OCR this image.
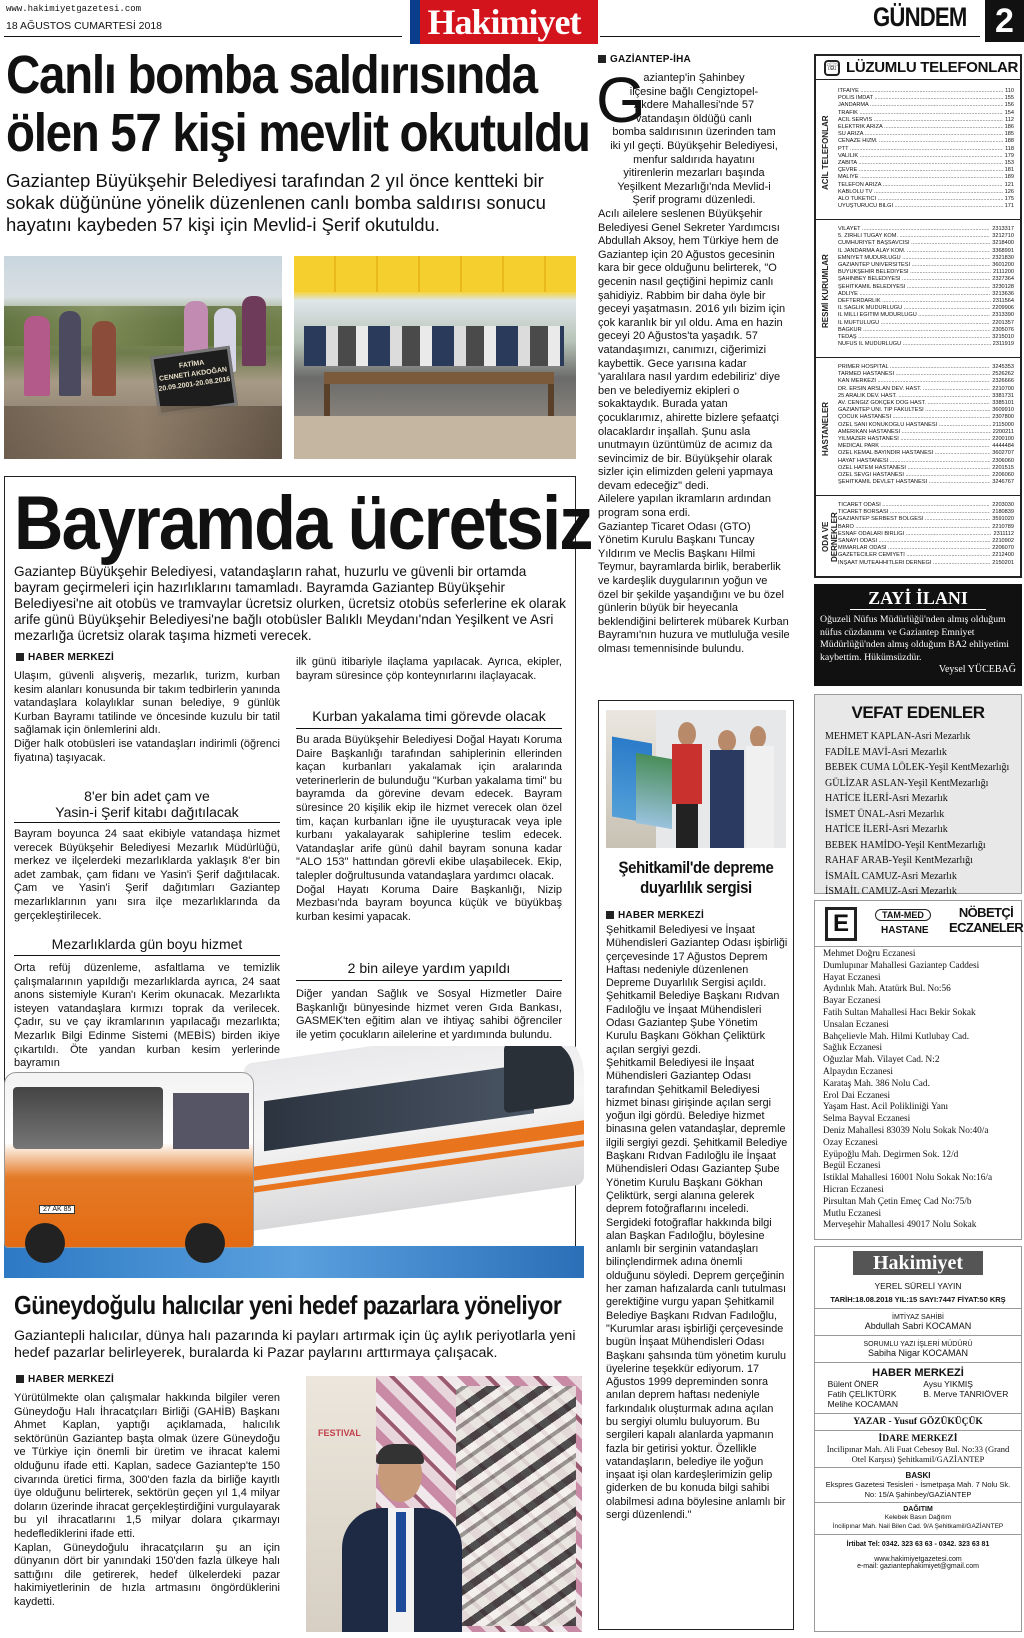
www.hakimiyetgazetesi.com
18 AĞUSTOS CUMARTESİ 2018	Hakimiyet	GÜNDEM 2
Canlı bomba saldırısında
ölen 57 kişi mevlit okutuldu
Gaziantep Büyükşehir Belediyesi tarafından 2 yıl önce kentteki bir sokak düğününe yönelik düzenlenen canlı bomba saldırısı sonucu hayatını kaybeden 57 kişi için Mevlid-i Şerif okutuldu.
FATİMA
CENNETİ AKDOĞAN
20.09.2001-20.08.2016
GAZİANTEP-İHA
G
aziantep'in Şahinbey
ilçesine bağlı Cengiztopel-
Akdere Mahallesi'nde 57
vatandaşın öldüğü canlı
bomba saldırısının üzerinden tam
iki yıl geçti. Büyükşehir Belediyesi,
menfur saldırıda hayatını
yitirenlerin mezarları başında
Yeşilkent Mezarlığı'nda Mevlid-i
Şerif programı düzenledi.
Acılı ailelere seslenen Büyükşehir Belediyesi Genel Sekreter Yardımcısı Abdullah Aksoy, hem Türkiye hem de Gaziantep için 20 Ağustos gecesinin kara bir gece olduğunu belirterek, "O gecenin nasıl geçtiğini hepimiz canlı şahidiyiz. Rabbim bir daha öyle bir geceyi yaşatmasın. 2016 yılı bizim için çok karanlık bir yıl oldu. Ama en hazin geceyi 20 Ağustos'ta yaşadık. 57 vatandaşımızı, canımızı, ciğerimizi kaybettik. Gece yarısına kadar 'yaralılara nasıl yardım edebiliriz' diye ben ve belediyemiz ekipleri o sokaktaydık. Burada yatan çocuklarımız, ahirette bizlere şefaatçi olacaklardır inşallah. Şunu asla unutmayın üzüntümüz de acımız da sevincimiz de bir. Büyükşehir olarak sizler için elimizden geleni yapmaya devam edeceğiz" dedi.
Ailelere yapılan ikramların ardından program sona erdi.
Gaziantep Ticaret Odası (GTO) Yönetim Kurulu Başkanı Tuncay Yıldırım ve Meclis Başkanı Hilmi Teymur, bayramlarda birlik, beraberlik ve kardeşlik duygularının yoğun ve özel bir şekilde yaşandığını ve bu özel günlerin büyük bir heyecanla beklendiğini belirterek mübarek Kurban Bayramı'nın huzura ve mutluluğa vesile olması temennisinde bulundu.
Bayramda ücretsiz
Gaziantep Büyükşehir Belediyesi, vatandaşların rahat, huzurlu ve güvenli bir ortamda bayram geçirmeleri için hazırlıklarını tamamladı. Bayramda Gaziantep Büyükşehir Belediyesi'ne ait otobüs ve tramvaylar ücretsiz olurken, ücretsiz otobüs seferlerine ek olarak arife günü Büyükşehir Belediyesi'ne bağlı otobüsler Balıklı Meydanı'ndan Yeşilkent ve Asri mezarlığa ücretsiz olarak taşıma hizmeti verecek.
HABER MERKEZİ
Ulaşım, güvenli alışveriş, mezarlık, turizm, kurban kesim alanları konusunda bir takım tedbirlerin yanında vatandaşlara kolaylıklar sunan belediye, 9 günlük Kurban Bayramı tatilinde ve öncesinde kuzulu bir tatil sağlamak için önlemlerini aldı.
Diğer halk otobüsleri ise vatandaşları indirimli (öğrenci fiyatına) taşıyacak.
8'er bin adet çam ve
Yasin-i Şerif kitabı dağıtılacak
Bayram boyunca 24 saat ekibiyle vatandaşa hizmet verecek Büyükşehir Belediyesi Mezarlık Müdürlüğü, merkez ve ilçelerdeki mezarlıklarda yaklaşık 8'er bin adet zambak, çam fidanı ve Yasin'i Şerif dağıtılacak. Çam ve Yasin'i Şerif dağıtımları Gaziantep mezarlıklarının yanı sıra ilçe mezarlıklarında da gerçekleştirilecek.
Mezarlıklarda gün boyu hizmet
Orta refüj düzenleme, asfaltlama ve temizlik çalışmalarının yapıldığı mezarlıklarda ayrıca, 24 saat anons sistemiyle Kuran'ı Kerim okunacak. Mezarlıkta isteyen vatandaşlara kırmızı toprak da verilecek. Çadır, su ve çay ikramlarının yapılacağı mezarlıkta; Mezarlık Bilgi Edinme Sistemi (MEBİS) birden ikiye çıkartıldı. Öte yandan kurban kesim yerlerinde bayramın
ilk günü itibariyle ilaçlama yapılacak. Ayrıca, ekipler, bayram süresince çöp konteynırlarını ilaçlayacak.
Kurban yakalama timi görevde olacak
Bu arada Büyükşehir Belediyesi Doğal Hayatı Koruma Daire Başkanlığı tarafından sahiplerinin ellerinden kaçan kurbanları yakalamak için aralarında veterinerlerin de bulunduğu "Kurban yakalama timi" bu bayramda da görevine devam edecek. Bayram süresince 20 kişilik ekip ile hizmet verecek olan özel tim, kaçan kurbanları iğne ile uyuşturacak veya iple kurbanı yakalayarak sahiplerine teslim edecek. Vatandaşlar arife günü dahil bayram sonuna kadar "ALO 153" hattından görevli ekibe ulaşabilecek. Ekip, talepler doğrultusunda vatandaşlara yardımcı olacak.
Doğal Hayatı Koruma Daire Başkanlığı, Nizip Mezbası'nda bayram boyunca küçük ve büyükbaş kurban kesimi yapacak.
2 bin aileye yardım yapıldı
Diğer yandan Sağlık ve Sosyal Hizmetler Daire Başkanlığı bünyesinde hizmet veren Gıda Bankası, GASMEK'ten eğitim alan ve ihtiyaç sahibi öğrenciler ile yetim çocukların ailelerine et yardımında bulundu.
27 AK 85
Güneydoğulu halıcılar yeni hedef pazarlara yöneliyor
Gaziantepli halıcılar, dünya halı pazarında ki payları artırmak için üç aylık periyotlarla yeni hedef pazarlar belirleyerek, buralarda ki Pazar paylarını arttırmaya çalışacak.
HABER MERKEZİ
Yürütülmekte olan çalışmalar hakkında bilgiler veren Güneydoğu Halı İhracatçıları Birliği (GAHİB) Başkanı Ahmet Kaplan, yaptığı açıklamada, halıcılık sektörünün Gaziantep başta olmak üzere Güneydoğu ve Türkiye için önemli bir üretim ve ihracat kalemi olduğunu ifade etti. Kaplan, sadece Gaziantep'te 150 civarında üretici firma, 300'den fazla da birliğe kayıtlı üye olduğunu belirterek, sektörün geçen yıl 1,4 milyar doların üzerinde ihracat gerçekleştirdiğini vurgulayarak bu yıl ihracatlarını 1,5 milyar dolara çıkarmayı hedeflediklerini ifade etti.
Kaplan, Güneydoğulu ihracatçıların şu an için dünyanın dört bir yanındaki 150'den fazla ülkeye halı sattığını dile getirerek, hedef ülkelerdeki pazar hakimiyetlerinin de hızla artmasını öngördüklerini kaydetti.
FESTIVAL
Şehitkamil'de depreme
duyarlılık sergisi
HABER MERKEZİ
Şehitkamil Belediyesi ve İnşaat Mühendisleri Gaziantep Odası işbirliği çerçevesinde 17 Ağustos Deprem Haftası nedeniyle düzenlenen Depreme Duyarlılık Sergisi açıldı.
Şehitkamil Belediye Başkanı Rıdvan Fadıloğlu ve İnşaat Mühendisleri Odası Gaziantep Şube Yönetim Kurulu Başkanı Gökhan Çeliktürk açılan sergiyi gezdi.
Şehitkamil Belediyesi ile İnşaat Mühendisleri Gaziantep Odası tarafından Şehitkamil Belediyesi hizmet binası girişinde açılan sergi yoğun ilgi gördü. Belediye hizmet binasına gelen vatandaşlar, depremle ilgili sergiyi gezdi. Şehitkamil Belediye Başkanı Rıdvan Fadıloğlu ile İnşaat Mühendisleri Odası Gaziantep Şube Yönetim Kurulu Başkanı Gökhan Çeliktürk, sergi alanına gelerek deprem fotoğraflarını inceledi. Sergideki fotoğraflar hakkında bilgi alan Başkan Fadıloğlu, böylesine anlamlı bir serginin vatandaşları bilinçlendirmek adına önemli olduğunu söyledi. Deprem gerçeğinin her zaman hafızalarda canlı tutulması gerektiğine vurgu yapan Şehitkamil Belediye Başkanı Rıdvan Fadıloğlu, "Kurumlar arası işbirliği çerçevesinde bugün İnşaat Mühendisleri Odası Başkanı şahsında tüm yönetim kurulu üyelerine teşekkür ediyorum. 17 Ağustos 1999 depreminden sonra anılan deprem haftası nedeniyle farkındalık oluşturmak adına açılan bu sergiyi olumlu buluyorum. Bu sergileri kapalı alanlarda yapmanın fazla bir getirisi yoktur. Özellikle vatandaşların, belediye ile yoğun inşaat işi olan kardeşlerimizin gelip giderken de bu konuda bilgi sahibi olabilmesi adına böylesine anlamlı bir sergi düzenlendi."
☏ LÜZUMLU TELEFONLAR
ACİL TELEFONLAR
İTFAİYE .....	110
POLİS İMDAT .....	155
JANDARMA .....	156
TRAFİK .....	154
ACİL SERVİS .....	112
ELEKTRİK ARIZA .....	186
SU ARIZA .....	185
CENAZE HİZM. .....	188
PTT .....	118
VALİLİK .....	179
ZABITA .....	153
ÇEVRE .....	181
MALİYE .....	189
TELEFON ARIZA .....	121
KABLOLU TV .....	126
ALO TÜKETİCİ .....	175
UYUŞTURUCU BİLGİ .....	171
RESMİ KURUMLAR
VİLAYET .....	2313317
5. ZIRHLI TUGAY KOM. .....	3212710
CUMHURİYET BAŞSAVCISI .....	3218400
İL JANDARMA ALAY KOM. .....	3368991
EMNİYET MÜDÜRLÜĞÜ .....	2321830
GAZİANTEP ÜNİVERSİTESİ .....	3601200
BÜYÜKŞEHİR BELEDİYESİ .....	2111200
ŞAHİNBEY BELEDİYESİ .....	2327364
ŞEHİTKAMİL BELEDİYESİ .....	3230128
ADLİYE .....	3213636
DEFTERDARLIK .....	2311564
İL SAĞLIK MÜDÜRLÜĞÜ .....	2209906
İL MİLLİ EĞİTİM MÜDÜRLÜĞÜ .....	2313390
İL MÜFTÜLÜĞÜ .....	2201357
BAĞKUR .....	2305076
TEDAŞ .....	3215010
NÜFUS İL MÜDÜRLÜĞÜ .....	2311919
HASTANELER
PRİMER HOSPİTAL .....	3245353
TARMED HASTANESİ .....	2526262
KAN MERKEZİ .....	2326666
DR. ERSİN ARSLAN DEV. HAST. .....	2210700
25 ARALIK DEV. HAST. .....	3381731
AV. CENGİZ GÖKÇEK DOĞ HAST. .....	3385101
GAZİANTEP ÜNİ. TIP FAKÜLTESİ .....	3609910
ÇOCUK HASTANESİ .....	2307800
ÖZEL SANİ KONUKOĞLU HASTANESİ .....	2115000
AMERİKAN HASTANESİ .....	2200211
YILMAZER HASTANESİ .....	2200100
MEDICAL PARK .....	4444484
ÖZEL KEMAL BAYINDIR HASTANESİ .....	3602707
HAYAT HASTANESİ .....	2306060
ÖZEL HATEM HASTANESİ .....	2201515
ÖZEL SEVGİ HASTANESİ .....	2206060
ŞEHİTKAMİL DEVLET HASTANESİ .....	3246767
ODA VE DERNEKLER
TİCARET ODASI .....	2203030
TİCARET BORSASI .....	2180839
GAZİANTEP SERBEST BÖLGESİ .....	3591020
BARO .....	2210789
ESNAF ODALARI BİRLİĞİ .....	2311112
SANAYİ ODASI .....	2210902
MİMARLAR ODASI .....	2206070
GAZETECİLER CEMİYETİ .....	2212400
İNŞAAT MÜTEAHHİTLERİ DERNEĞİ .....	2150201
ZAYİ İLANI
Oğuzeli Nüfus Müdürlüğü'nden almış olduğum nüfus cüzdanımı ve Gaziantep Emniyet Müdürlüğü'nden almış olduğum BA2 ehliyetimi kaybettim. Hükümsüzdür.
Veysel YÜCEBAĞ
VEFAT EDENLER
MEHMET KAPLAN-Asri Mezarlık
FADİLE MAVİ-Asri Mezarlık
BEBEK CUMA LÖLEK-Yeşil KentMezarlığı
GÜLİZAR ASLAN-Yeşil KentMezarlığı
HATİCE İLERİ-Asri Mezarlık
İSMET ÜNAL-Asri Mezarlık
HATİCE İLERİ-Asri Mezarlık
BEBEK HAMİDO-Yeşil KentMezarlığı
RAHAF ARAB-Yeşil KentMezarlığı
İSMAİL CAMUZ-Asri Mezarlık
İSMAİL CAMUZ-Asri Mezarlık
E	TAM-MED
HASTANE
NÖBETÇİ
ECZANELER
Mehmet Doğru Eczanesi
Dumlupınar Mahallesi Gaziantep Caddesi
Hayat Eczanesi
Aydınlık Mah. Atatürk Bul. No:56
Bayar Eczanesi
Fatih Sultan Mahallesi Hacı Bekir Sokak
Ünsalan Eczanesi
Bahçelievle Mah. Hilmi Kutlubay Cad.
Sağlık Eczanesi
Oğuzlar Mah. Vilayet Cad. N:2
Alpaydın Eczanesi
Karataş Mah. 386 Nolu Cad.
Erol Dai Eczanesi
Yaşam Hast. Acil Polikliniği Yanı
Selma Bayval Eczanesi
Deniz Mahallesi 83039 Nolu Sokak No:40/a
Özay Eczanesi
Eyüpoğlu Mah. Degirmen Sok. 12/d
Begül Eczanesi
İstiklal Mahallesi 16001 Nolu Sokak No:16/a
Hicran Eczanesi
Pirsultan Mah Çetin Emeç Cad No:75/b
Mutlu Eczanesi
Merveşehir Mahallesi 49017 Nolu Sokak
Hakimiyet
YEREL SÜRELİ YAYIN
TARİH:18.08.2018 YIL:15 SAYI:7447 FİYAT:50 KRŞ
İMTİYAZ SAHİBİ
Abdullah Sabri KOCAMAN
SORUMLU YAZI İŞLERİ MÜDÜRÜ
Sabiha Nigar KOCAMAN
HABER MERKEZİ
Bülent ÖNER
Fatih ÇELİKTÜRK
Melihe KOCAMAN
Aysu YIKMIŞ
B. Merve TANRIÖVER
YAZAR - Yusuf GÖZÜKÜÇÜK
İDARE MERKEZİ
İncilipınar Mah. Ali Fuat Cebesoy Bul. No:33 (Grand Otel Karşısı) Şehitkamil/GAZİANTEP
BASKI
Ekspres Gazetesi Tesisleri - İsmetpaşa Mah. 7 Nolu Sk. No: 15/A Şahinbey/GAZİANTEP
DAĞITIM
Kelebek Basın Dağıtım
İncilipınar Mah. Nail Bilen Cad. 9/A Şehitkamil/GAZİANTEP
İrtibat Tel: 0342. 323 63 63 - 0342. 323 63 81
www.hakimiyetgazetesi.com
e-mail: gaziantephakimiyet@gmail.com
